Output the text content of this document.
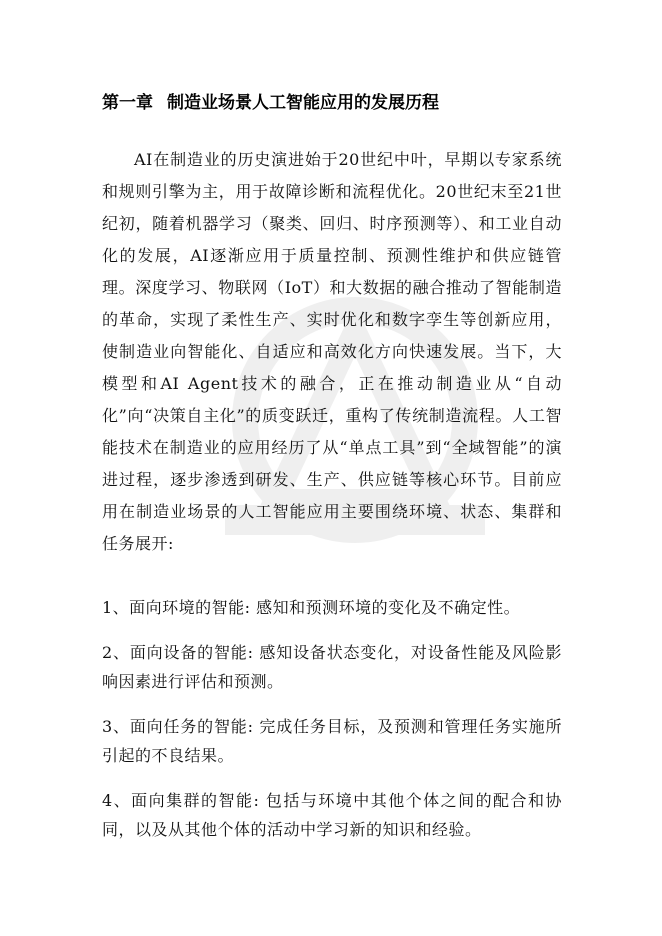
第一章 制造业场景人工智能应用的发展历程

AI在制造业的历史演进始于20世纪中叶，早期以专家系统和规则引擎为主，用于故障诊断和流程优化。20世纪末至21世纪初，随着机器学习（聚类、回归、时序预测等）、和工业自动化的发展，AI逐渐应用于质量控制、预测性维护和供应链管理。深度学习、物联网（IoT）和大数据的融合推动了智能制造的革命，实现了柔性生产、实时优化和数字孪生等创新应用，使制造业向智能化、自适应和高效化方向快速发展。当下，大模型和AI Agent技术的融合，正在推动制造业从“自动化”向“决策自主化”的质变跃迁，重构了传统制造流程。人工智能技术在制造业的应用经历了从“单点工具”到“全域智能”的演进过程，逐步渗透到研发、生产、供应链等核心环节。目前应用在制造业场景的人工智能应用主要围绕环境、状态、集群和任务展开:

1、面向环境的智能: 感知和预测环境的变化及不确定性。

2、面向设备的智能: 感知设备状态变化，对设备性能及风险影响因素进行评估和预测。

3、面向任务的智能: 完成任务目标，及预测和管理任务实施所引起的不良结果。

4、面向集群的智能: 包括与环境中其他个体之间的配合和协同，以及从其他个体的活动中学习新的知识和经验。
